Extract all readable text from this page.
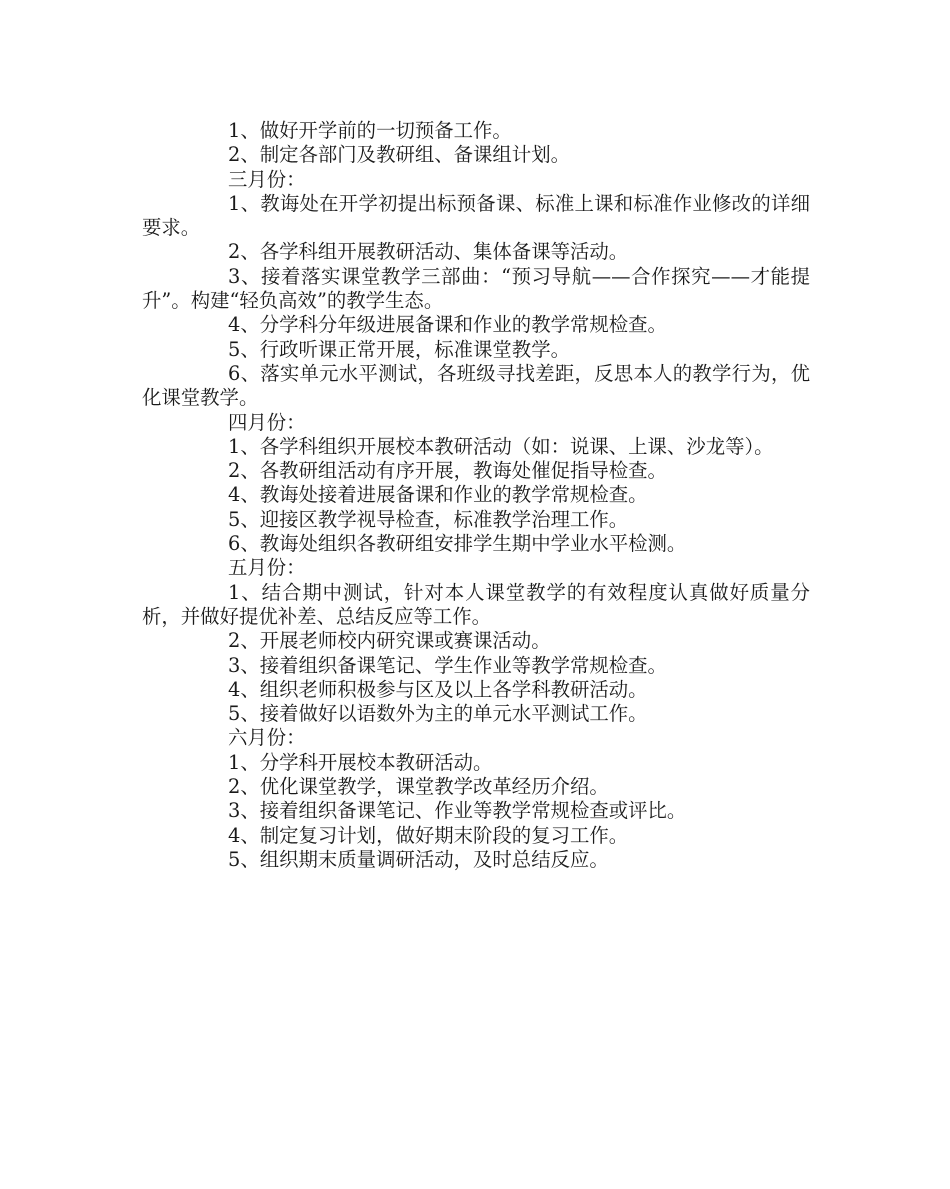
1、做好开学前的一切预备工作。

2、制定各部门及教研组、备课组计划。

三月份：

1、教诲处在开学初提出标预备课、标准上课和标准作业修改的详细要求。

2、各学科组开展教研活动、集体备课等活动。

3、接着落实课堂教学三部曲：“预习导航——合作探究——才能提升”。构建“轻负高效”的教学生态。

4、分学科分年级进展备课和作业的教学常规检查。

5、行政听课正常开展，标准课堂教学。

6、落实单元水平测试，各班级寻找差距，反思本人的教学行为，优化课堂教学。

四月份：

1、各学科组织开展校本教研活动（如：说课、上课、沙龙等）。

2、各教研组活动有序开展，教诲处催促指导检查。

4、教诲处接着进展备课和作业的教学常规检查。

5、迎接区教学视导检查，标准教学治理工作。

6、教诲处组织各教研组安排学生期中学业水平检测。

五月份：

1、结合期中测试，针对本人课堂教学的有效程度认真做好质量分析，并做好提优补差、总结反应等工作。

2、开展老师校内研究课或赛课活动。

3、接着组织备课笔记、学生作业等教学常规检查。

4、组织老师积极参与区及以上各学科教研活动。

5、接着做好以语数外为主的单元水平测试工作。

六月份：

1、分学科开展校本教研活动。

2、优化课堂教学，课堂教学改革经历介绍。

3、接着组织备课笔记、作业等教学常规检查或评比。

4、制定复习计划，做好期末阶段的复习工作。

5、组织期末质量调研活动，及时总结反应。
